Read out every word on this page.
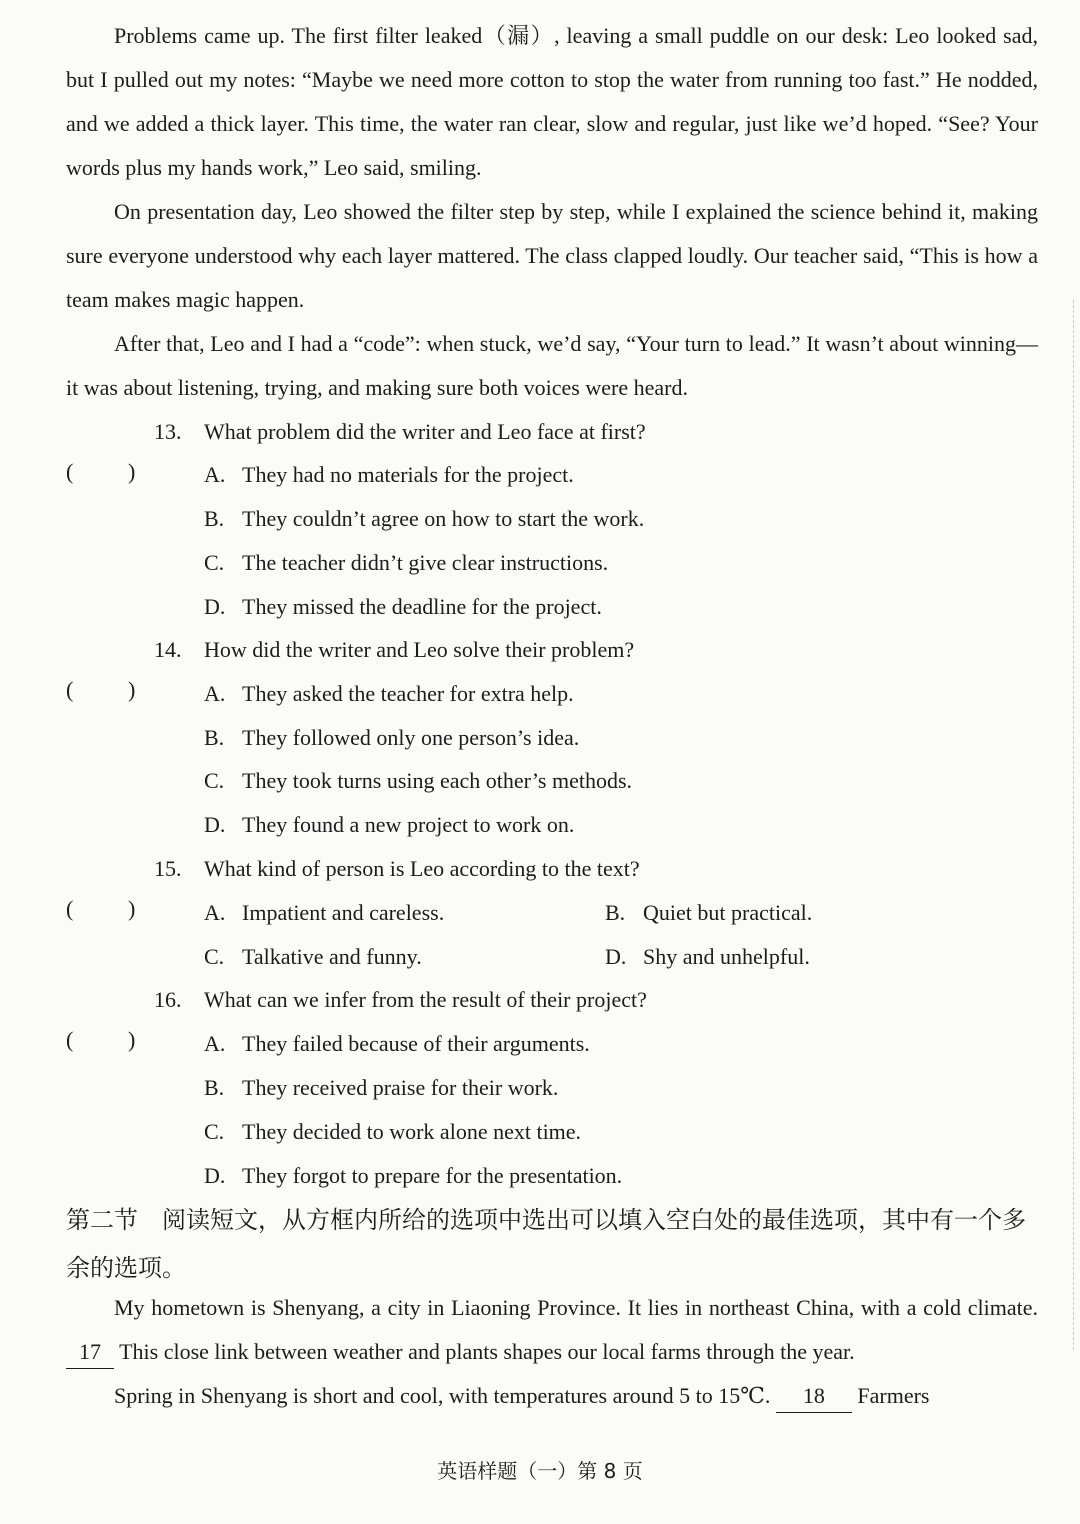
Problems came up. The first filter leaked（漏）, leaving a small puddle on our desk: Leo looked sad, but I pulled out my notes: “Maybe we need more cotton to stop the water from running too fast.” He nodded, and we added a thick layer. This time, the water ran clear, slow and regular, just like we’d hoped. “See? Your words plus my hands work,” Leo said, smiling.

On presentation day, Leo showed the filter step by step, while I explained the science behind it, making sure everyone understood why each layer mattered. The class clapped loudly. Our teacher said, “This is how a team makes magic happen.

After that, Leo and I had a “code”: when stuck, we’d say, “Your turn to lead.” It wasn’t about winning—it was about listening, trying, and making sure both voices were heard.

( )

13. What problem did the writer and Leo face at first?
A. They had no materials for the project.
B. They couldn’t agree on how to start the work.
C. The teacher didn’t give clear instructions.
D. They missed the deadline for the project.

( )

14. How did the writer and Leo solve their problem?
A. They asked the teacher for extra help.
B. They followed only one person’s idea.
C. They took turns using each other’s methods.
D. They found a new project to work on.

( )

15. What kind of person is Leo according to the text?
A. Impatient and careless.	B. Quiet but practical.
C. Talkative and funny.	D. Shy and unhelpful.

( )

16. What can we infer from the result of their project?
A. They failed because of their arguments.
B. They received praise for their work.
C. They decided to work alone next time.
D. They forgot to prepare for the presentation.

第二节　阅读短文，从方框内所给的选项中选出可以填入空白处的最佳选项，其中有一个多余的选项。

My hometown is Shenyang, a city in Liaoning Province. It lies in northeast China, with a cold climate. 17 This close link between weather and plants shapes our local farms through the year.

Spring in Shenyang is short and cool, with temperatures around 5 to 15℃. 18 Farmers

英语样题（一）第 8 页
